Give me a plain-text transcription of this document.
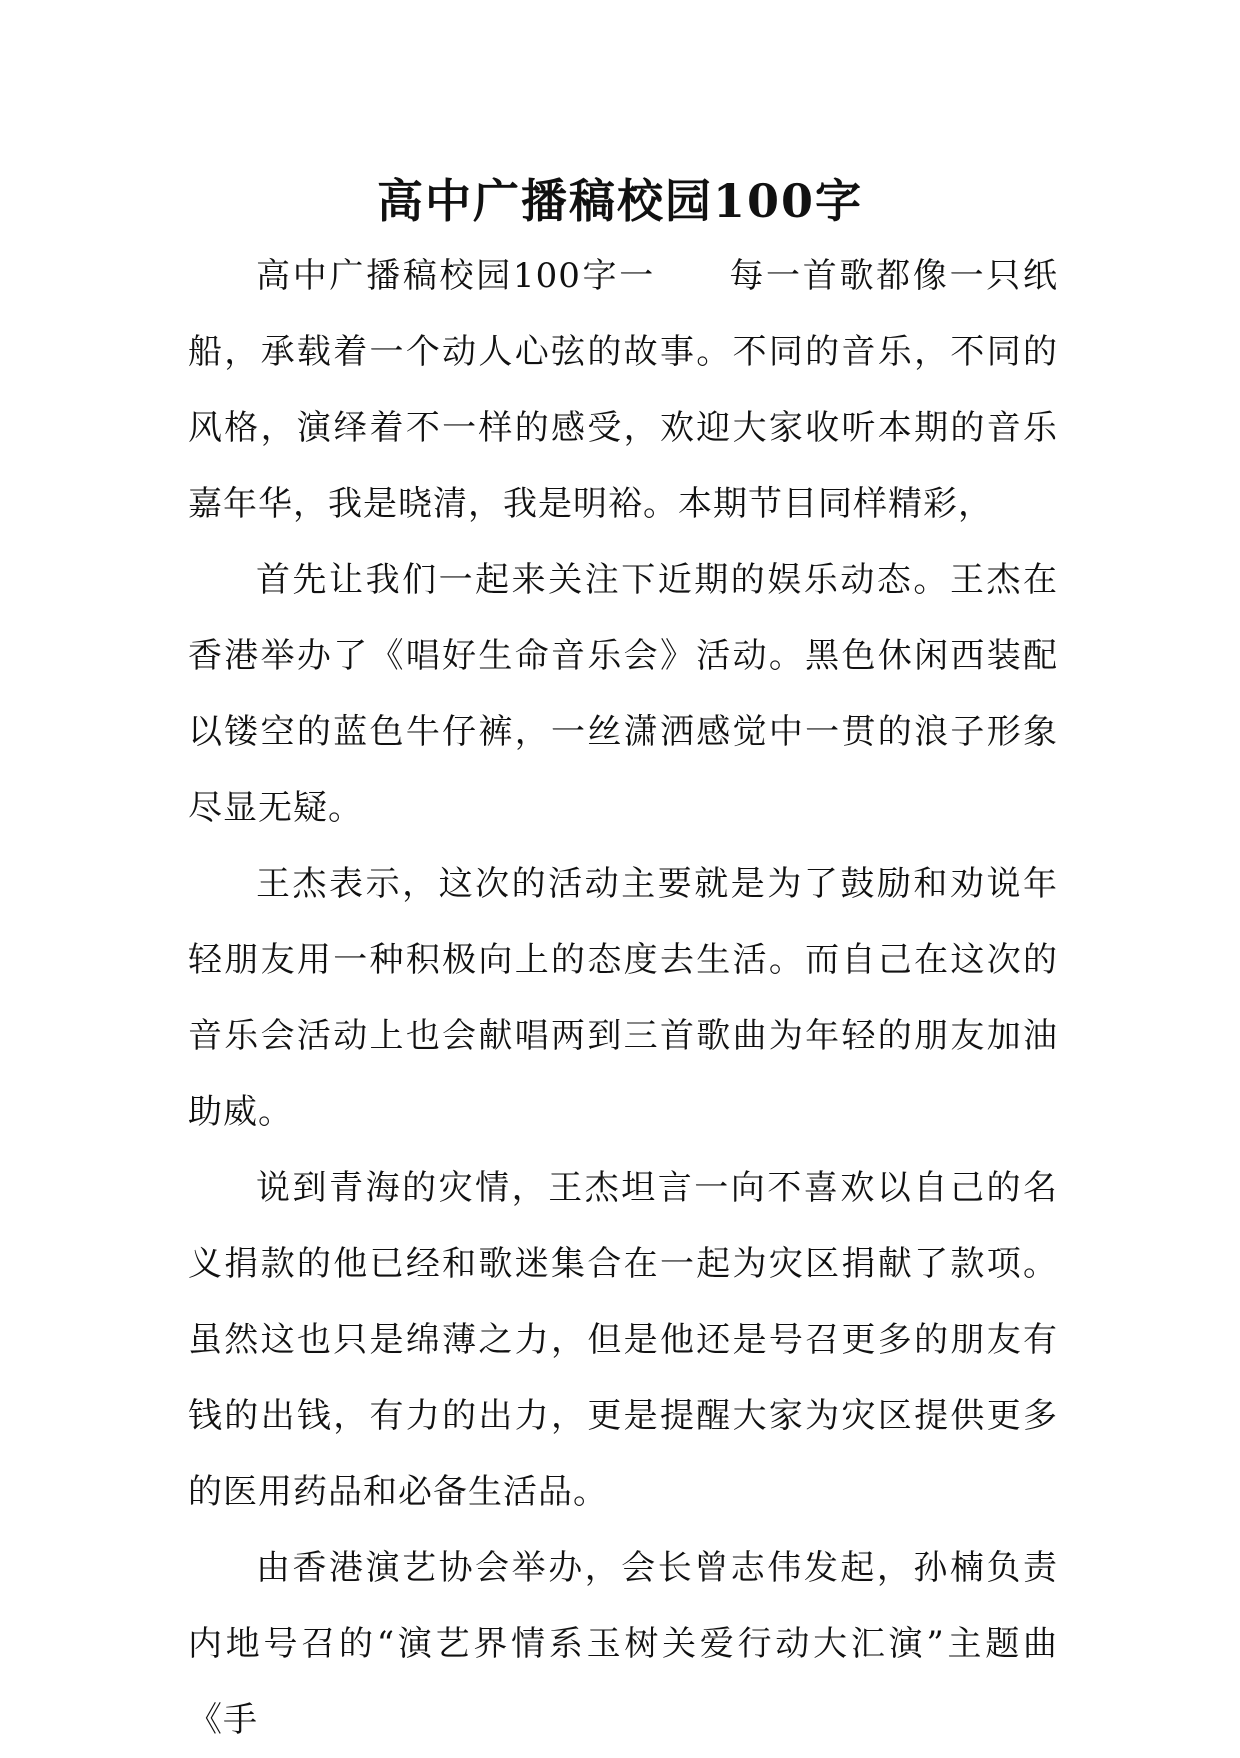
高中广播稿校园100字

高中广播稿校园100字一　　每一首歌都像一只纸船，承载着一个动人心弦的故事。不同的音乐，不同的风格，演绎着不一样的感受，欢迎大家收听本期的音乐嘉年华，我是晓清，我是明裕。本期节目同样精彩，

首先让我们一起来关注下近期的娱乐动态。王杰在香港举办了《唱好生命音乐会》活动。黑色休闲西装配以镂空的蓝色牛仔裤，一丝潇洒感觉中一贯的浪子形象尽显无疑。

王杰表示，这次的活动主要就是为了鼓励和劝说年轻朋友用一种积极向上的态度去生活。而自己在这次的音乐会活动上也会献唱两到三首歌曲为年轻的朋友加油助威。

说到青海的灾情，王杰坦言一向不喜欢以自己的名义捐款的他已经和歌迷集合在一起为灾区捐献了款项。虽然这也只是绵薄之力，但是他还是号召更多的朋友有钱的出钱，有力的出力，更是提醒大家为灾区提供更多的医用药品和必备生活品。

由香港演艺协会举办，会长曾志伟发起，孙楠负责内地号召的“演艺界情系玉树关爱行动大汇演”主题曲《手
